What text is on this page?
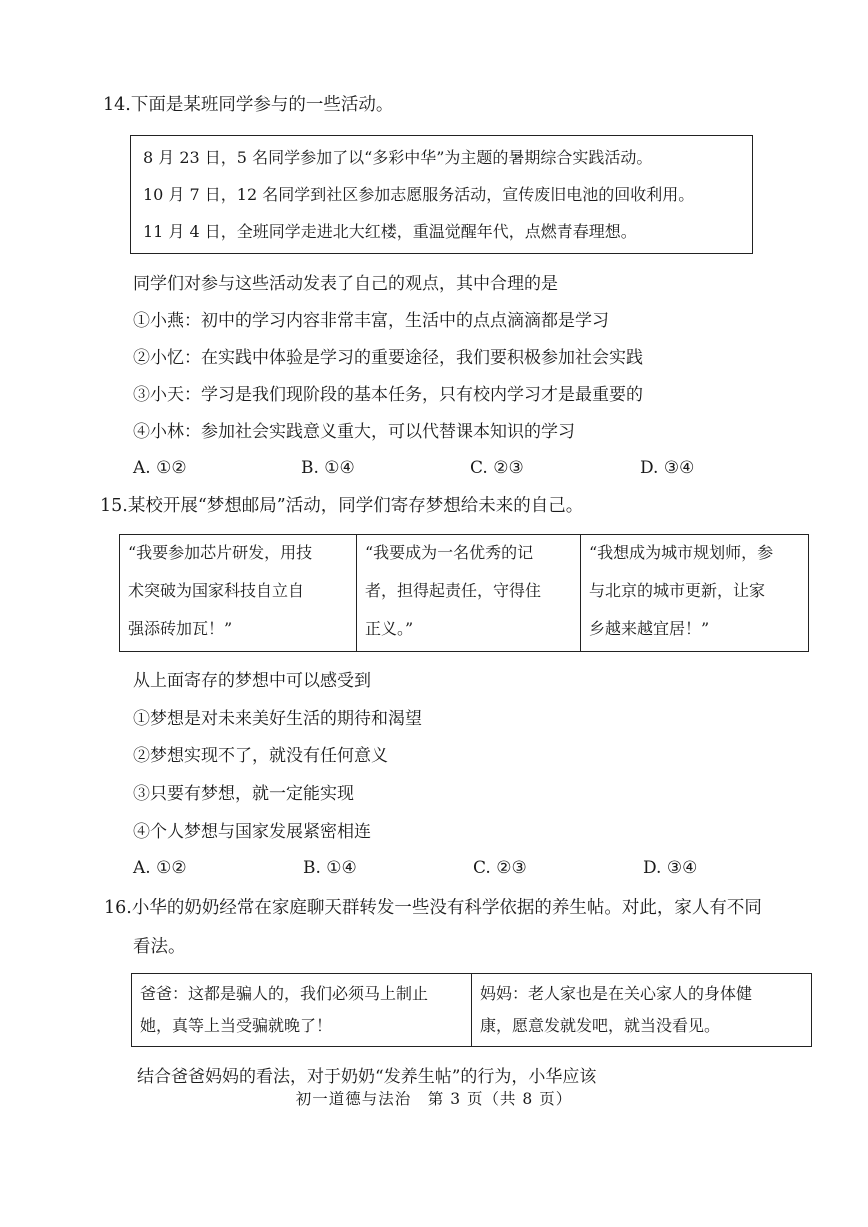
14.下面是某班同学参与的一些活动。
8 月 23 日，5 名同学参加了以“多彩中华”为主题的暑期综合实践活动。
10 月 7 日，12 名同学到社区参加志愿服务活动，宣传废旧电池的回收利用。
11 月 4 日，全班同学走进北大红楼，重温觉醒年代，点燃青春理想。
同学们对参与这些活动发表了自己的观点，其中合理的是
①小燕：初中的学习内容非常丰富，生活中的点点滴滴都是学习
②小忆：在实践中体验是学习的重要途径，我们要积极参加社会实践
③小天：学习是我们现阶段的基本任务，只有校内学习才是最重要的
④小林：参加社会实践意义重大，可以代替课本知识的学习
A. ①②	B. ①④	C. ②③	D. ③④
15.某校开展“梦想邮局”活动，同学们寄存梦想给未来的自己。
“我要参加芯片研发，用技
术突破为国家科技自立自
强添砖加瓦！”
“我要成为一名优秀的记
者，担得起责任，守得住
正义。”
“我想成为城市规划师，参
与北京的城市更新，让家
乡越来越宜居！”
从上面寄存的梦想中可以感受到
①梦想是对未来美好生活的期待和渴望
②梦想实现不了，就没有任何意义
③只要有梦想，就一定能实现
④个人梦想与国家发展紧密相连
A. ①②	B. ①④	C. ②③	D. ③④
16.小华的奶奶经常在家庭聊天群转发一些没有科学依据的养生帖。对此，家人有不同
看法。
爸爸：这都是骗人的，我们必须马上制止
她，真等上当受骗就晚了！
妈妈：老人家也是在关心家人的身体健
康，愿意发就发吧，就当没看见。
结合爸爸妈妈的看法，对于奶奶“发养生帖”的行为，小华应该
初一道德与法治　第 3 页（共 8 页）
